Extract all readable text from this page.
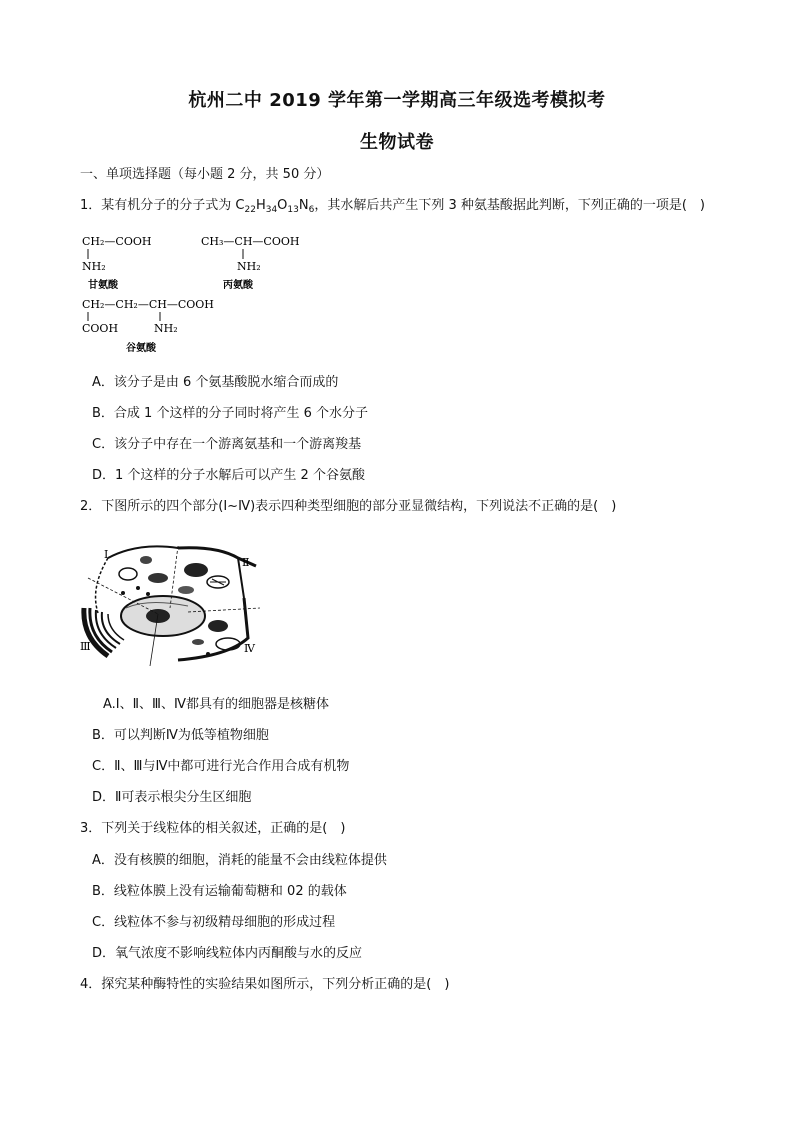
杭州二中 2019 学年第一学期高三年级选考模拟考
生物试卷
一、单项选择题（每小题 2 分，共 50 分）
1．某有机分子的分子式为 $C_{22}H_{34}O_{13}N_6$，其水解后共产生下列 3 种氨基酸据此判断，下列正确的一项是(　)
CH₂—COOH
NH₂
甘氨酸
CH₃—CH—COOH
NH₂
丙氨酸
CH₂—CH₂—CH—COOH
COOH	NH₂
谷氨酸
A．该分子是由 6 个氨基酸脱水缩合而成的
B．合成 1 个这样的分子同时将产生 6 个水分子
C．该分子中存在一个游离氨基和一个游离羧基
D．1 个这样的分子水解后可以产生 2 个谷氨酸
2．下图所示的四个部分(Ⅰ~Ⅳ)表示四种类型细胞的部分亚显微结构，下列说法不正确的是(　)
Ⅰ
Ⅱ
Ⅲ	Ⅳ
A.Ⅰ、Ⅱ、Ⅲ、Ⅳ都具有的细胞器是核糖体
B．可以判断Ⅳ为低等植物细胞
C．Ⅱ、Ⅲ与Ⅳ中都可进行光合作用合成有机物
D．Ⅱ可表示根尖分生区细胞
3．下列关于线粒体的相关叙述，正确的是(　)
A．没有核膜的细胞，消耗的能量不会由线粒体提供
B．线粒体膜上没有运输葡萄糖和 02 的载体
C．线粒体不参与初级精母细胞的形成过程
D．氧气浓度不影响线粒体内丙酮酸与水的反应
4．探究某种酶特性的实验结果如图所示，下列分析正确的是(　)
